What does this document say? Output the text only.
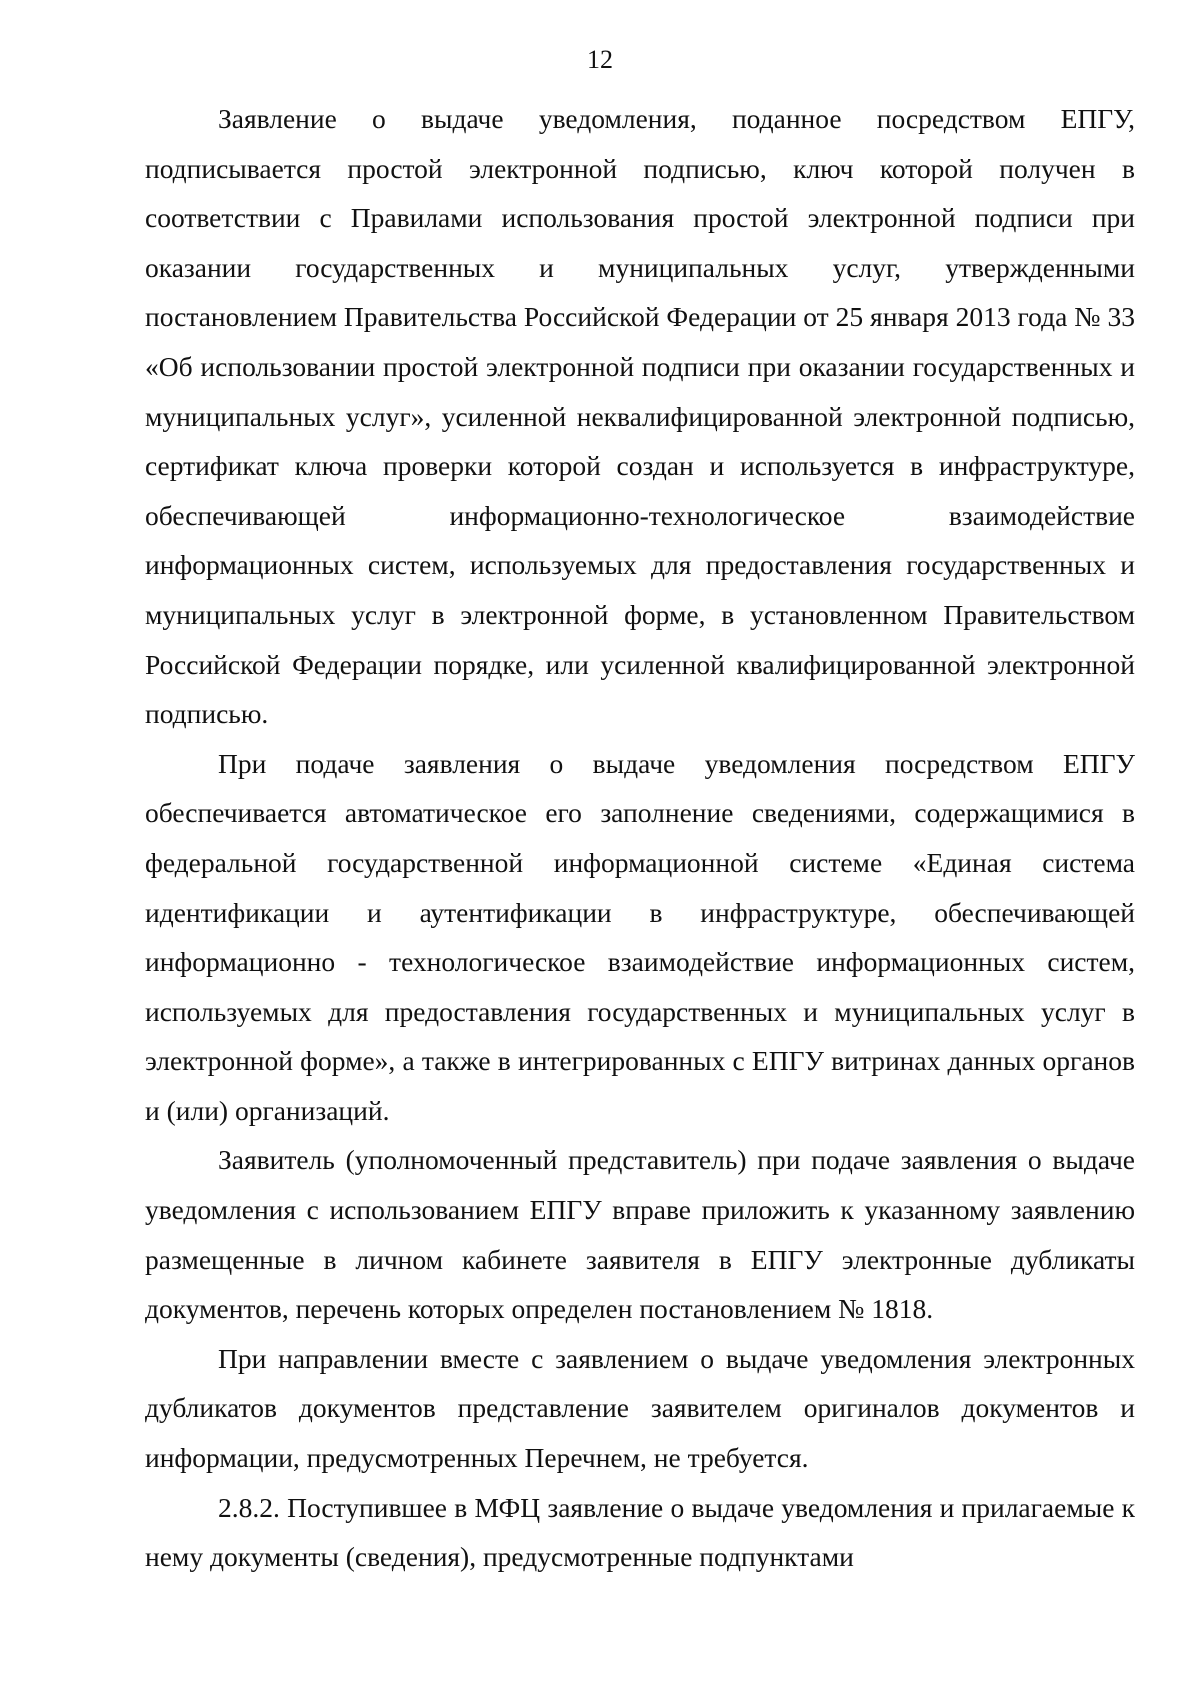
12

Заявление о выдаче уведомления, поданное посредством ЕПГУ, подписывается простой электронной подписью, ключ которой получен в соответствии с Правилами использования простой электронной подписи при оказании государственных и муниципальных услуг, утвержденными постановлением Правительства Российской Федерации от 25 января 2013 года № 33 «Об использовании простой электронной подписи при оказании государственных и муниципальных услуг», усиленной неквалифицированной электронной подписью, сертификат ключа проверки которой создан и используется в инфраструктуре, обеспечивающей информационно-технологическое взаимодействие информационных систем, используемых для предоставления государственных и муниципальных услуг в электронной форме, в установленном Правительством Российской Федерации порядке, или усиленной квалифицированной электронной подписью.

При подаче заявления о выдаче уведомления посредством ЕПГУ обеспечивается автоматическое его заполнение сведениями, содержащимися в федеральной государственной информационной системе «Единая система идентификации и аутентификации в инфраструктуре, обеспечивающей информационно - технологическое взаимодействие информационных систем, используемых для предоставления государственных и муниципальных услуг в электронной форме», а также в интегрированных с ЕПГУ витринах данных органов и (или) организаций.

Заявитель (уполномоченный представитель) при подаче заявления о выдаче уведомления с использованием ЕПГУ вправе приложить к указанному заявлению размещенные в личном кабинете заявителя в ЕПГУ электронные дубликаты документов, перечень которых определен постановлением № 1818.

При направлении вместе с заявлением о выдаче уведомления электронных дубликатов документов представление заявителем оригиналов документов и информации, предусмотренных Перечнем, не требуется.

2.8.2. Поступившее в МФЦ заявление о выдаче уведомления и прилагаемые к нему документы (сведения), предусмотренные подпунктами
